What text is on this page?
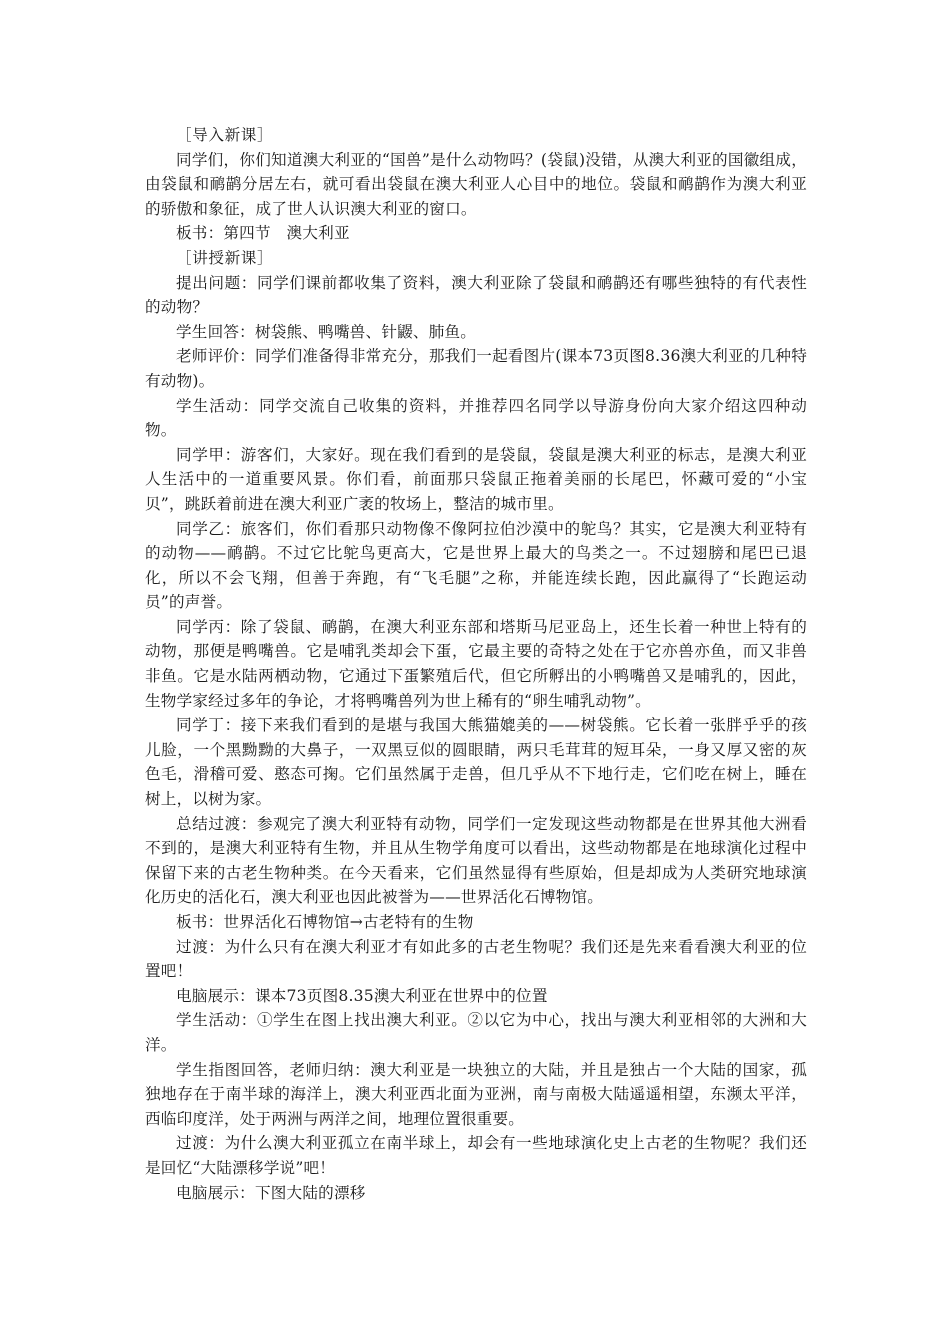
［导入新课］

同学们，你们知道澳大利亚的“国兽”是什么动物吗？(袋鼠)没错，从澳大利亚的国徽组成，由袋鼠和鸸鹋分居左右，就可看出袋鼠在澳大利亚人心目中的地位。袋鼠和鸸鹋作为澳大利亚的骄傲和象征，成了世人认识澳大利亚的窗口。

板书：第四节　澳大利亚

［讲授新课］

提出问题：同学们课前都收集了资料，澳大利亚除了袋鼠和鸸鹋还有哪些独特的有代表性的动物？

学生回答：树袋熊、鸭嘴兽、针鼹、肺鱼。

老师评价：同学们准备得非常充分，那我们一起看图片(课本73页图8.36澳大利亚的几种特有动物)。

学生活动：同学交流自己收集的资料，并推荐四名同学以导游身份向大家介绍这四种动物。

同学甲：游客们，大家好。现在我们看到的是袋鼠，袋鼠是澳大利亚的标志，是澳大利亚人生活中的一道重要风景。你们看，前面那只袋鼠正拖着美丽的长尾巴，怀藏可爱的“小宝贝”，跳跃着前进在澳大利亚广袤的牧场上，整洁的城市里。

同学乙：旅客们，你们看那只动物像不像阿拉伯沙漠中的鸵鸟？其实，它是澳大利亚特有的动物——鸸鹋。不过它比鸵鸟更高大，它是世界上最大的鸟类之一。不过翅膀和尾巴已退化，所以不会飞翔，但善于奔跑，有“飞毛腿”之称，并能连续长跑，因此赢得了“长跑运动员”的声誉。

同学丙：除了袋鼠、鸸鹋，在澳大利亚东部和塔斯马尼亚岛上，还生长着一种世上特有的动物，那便是鸭嘴兽。它是哺乳类却会下蛋，它最主要的奇特之处在于它亦兽亦鱼，而又非兽非鱼。它是水陆两栖动物，它通过下蛋繁殖后代，但它所孵出的小鸭嘴兽又是哺乳的，因此，生物学家经过多年的争论，才将鸭嘴兽列为世上稀有的“卵生哺乳动物”。

同学丁：接下来我们看到的是堪与我国大熊猫媲美的——树袋熊。它长着一张胖乎乎的孩儿脸，一个黑黝黝的大鼻子，一双黑豆似的圆眼睛，两只毛茸茸的短耳朵，一身又厚又密的灰色毛，滑稽可爱、憨态可掬。它们虽然属于走兽，但几乎从不下地行走，它们吃在树上，睡在树上，以树为家。

总结过渡：参观完了澳大利亚特有动物，同学们一定发现这些动物都是在世界其他大洲看不到的，是澳大利亚特有生物，并且从生物学角度可以看出，这些动物都是在地球演化过程中保留下来的古老生物种类。在今天看来，它们虽然显得有些原始，但是却成为人类研究地球演化历史的活化石，澳大利亚也因此被誉为——世界活化石博物馆。

板书：世界活化石博物馆→古老特有的生物

过渡：为什么只有在澳大利亚才有如此多的古老生物呢？我们还是先来看看澳大利亚的位置吧！

电脑展示：课本73页图8.35澳大利亚在世界中的位置

学生活动：①学生在图上找出澳大利亚。②以它为中心，找出与澳大利亚相邻的大洲和大洋。

学生指图回答，老师归纳：澳大利亚是一块独立的大陆，并且是独占一个大陆的国家，孤独地存在于南半球的海洋上，澳大利亚西北面为亚洲，南与南极大陆遥遥相望，东濒太平洋，西临印度洋，处于两洲与两洋之间，地理位置很重要。

过渡：为什么澳大利亚孤立在南半球上，却会有一些地球演化史上古老的生物呢？我们还是回忆“大陆漂移学说”吧！

电脑展示：下图大陆的漂移
